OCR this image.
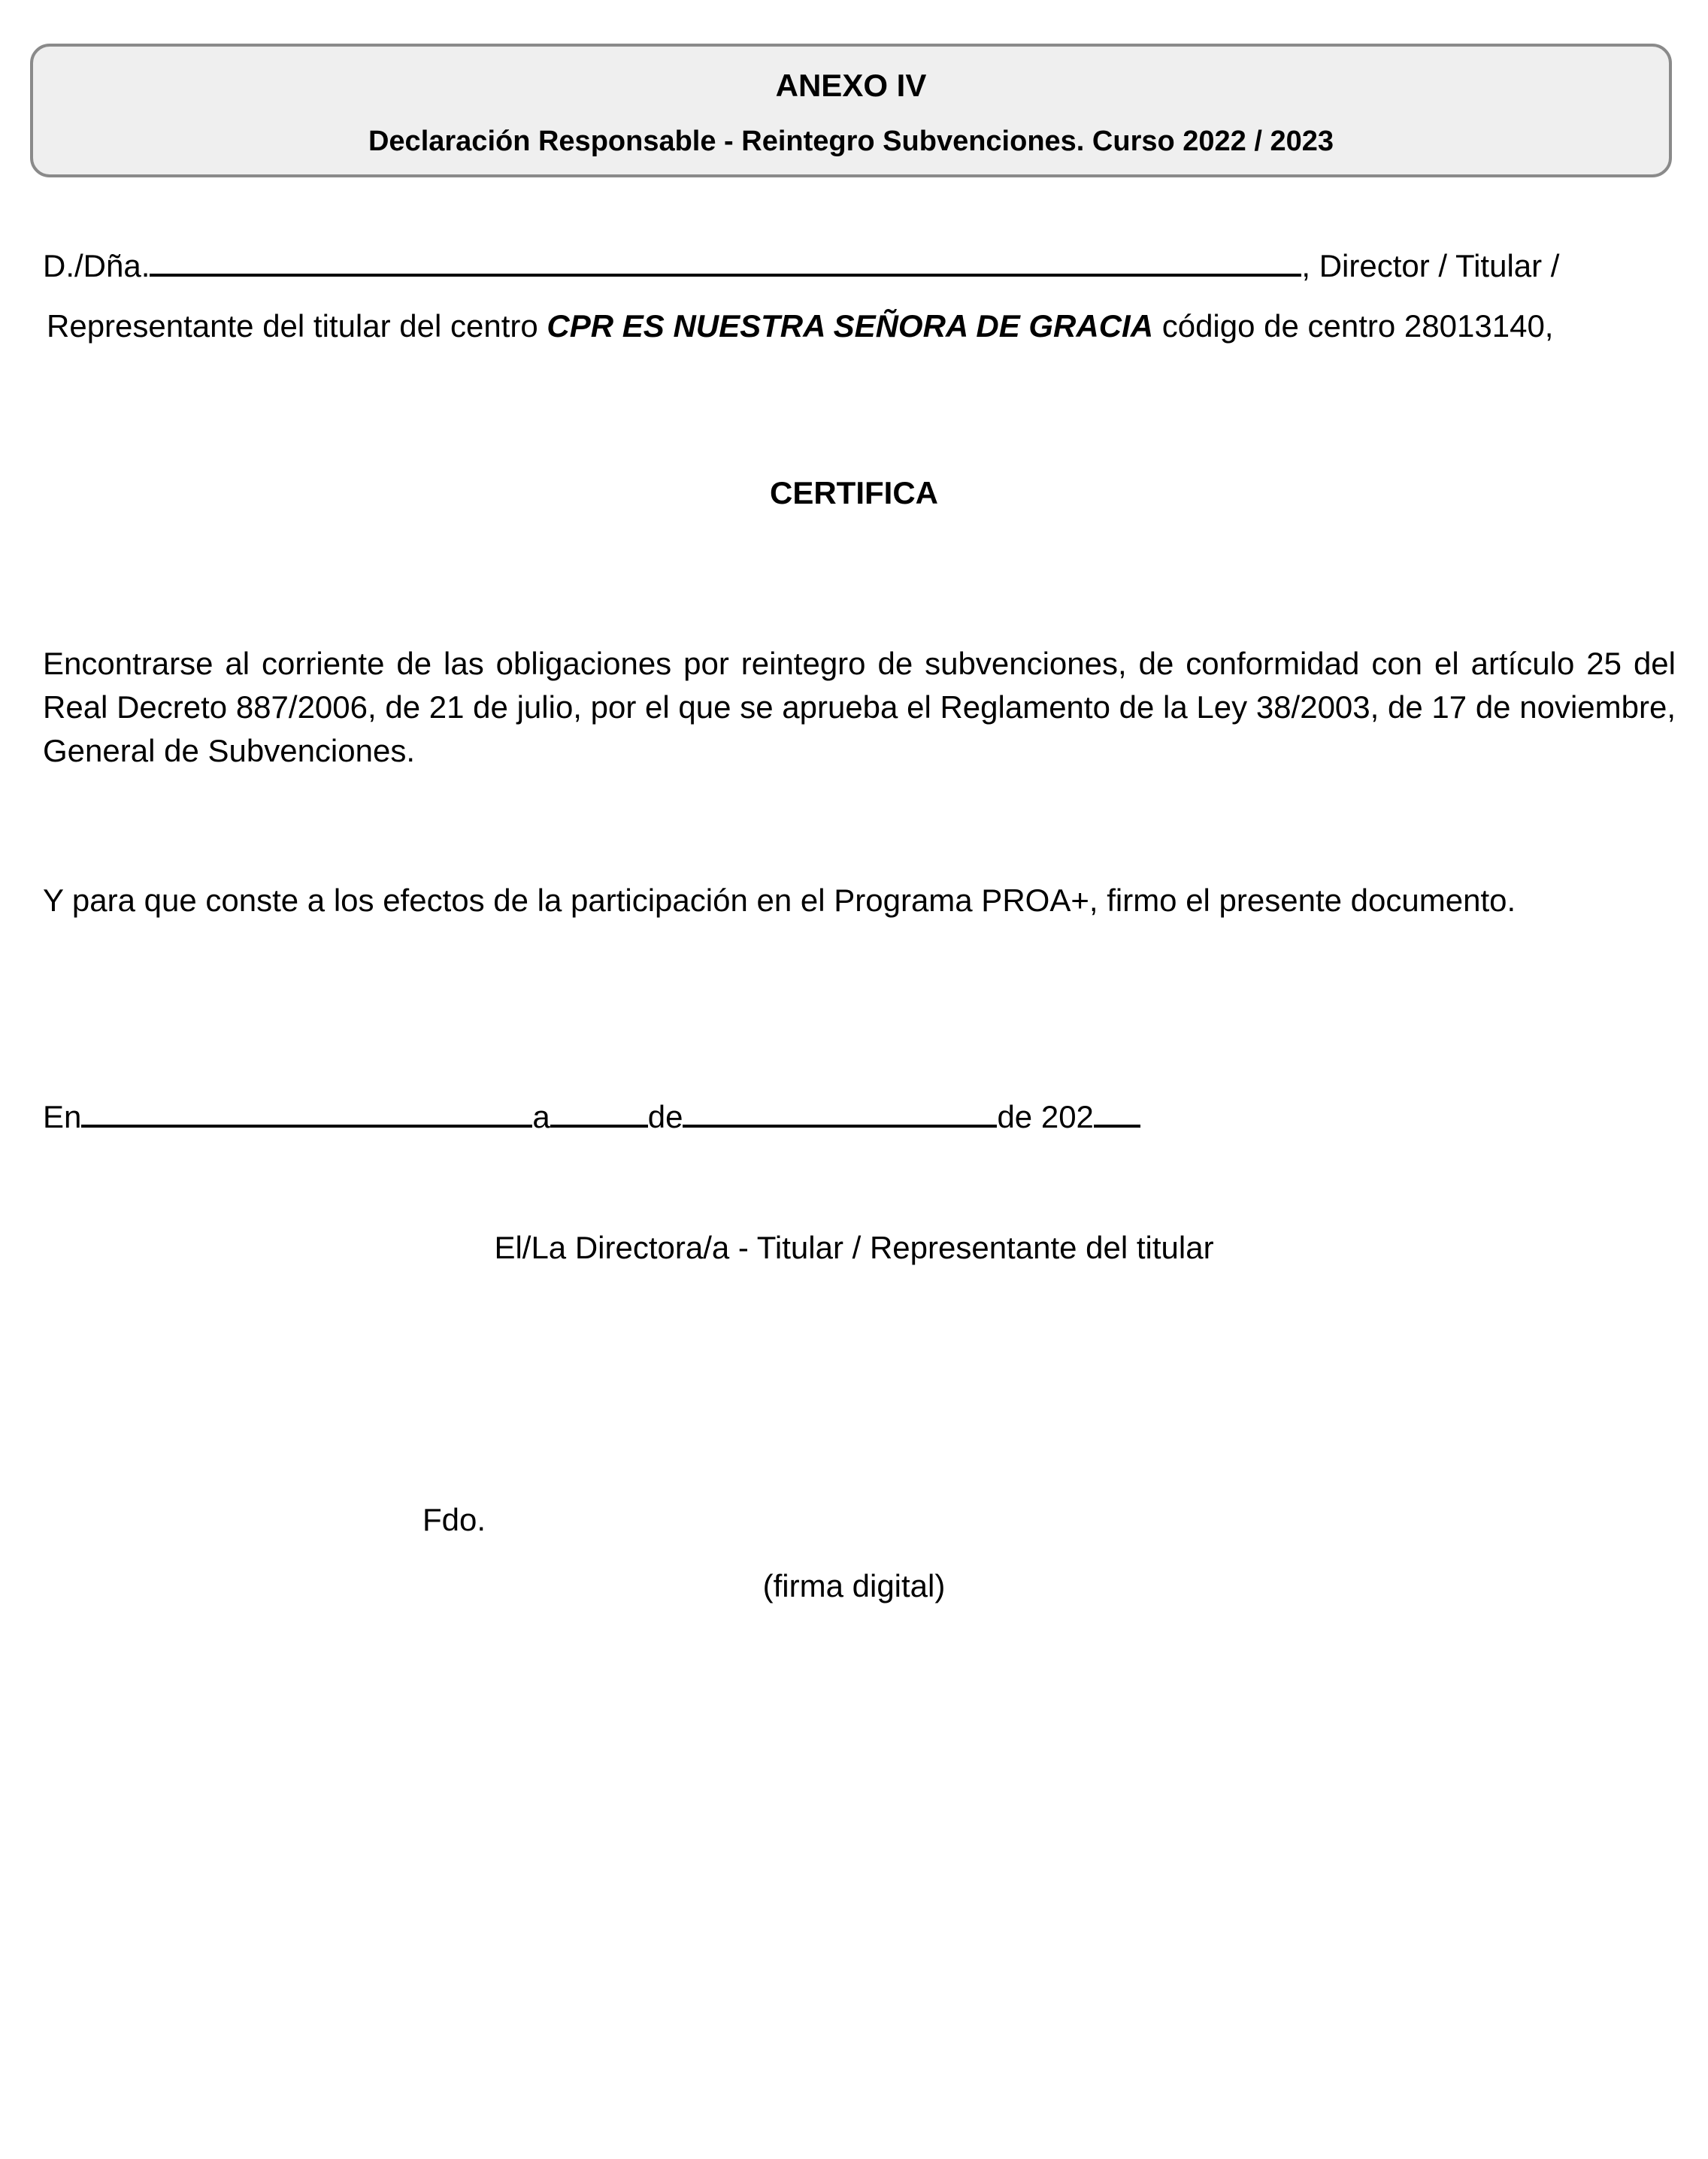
ANEXO IV
Declaración Responsable - Reintegro Subvenciones. Curso 2022 / 2023
D./Dña.	, Director / Titular /
Representante del titular del centro CPR ES NUESTRA SEÑORA DE GRACIA código de centro 28013140,
CERTIFICA
Encontrarse al corriente de las obligaciones por reintegro de subvenciones, de conformidad con el artículo 25 del Real Decreto 887/2006, de 21 de julio, por el que se aprueba el Reglamento de la Ley 38/2003, de 17 de noviembre, General de Subvenciones.
Y para que conste a los efectos de la participación en el Programa PROA+, firmo el presente documento.
En	a	de	de 202
El/La Directora/a - Titular / Representante del titular
Fdo.
(firma digital)
